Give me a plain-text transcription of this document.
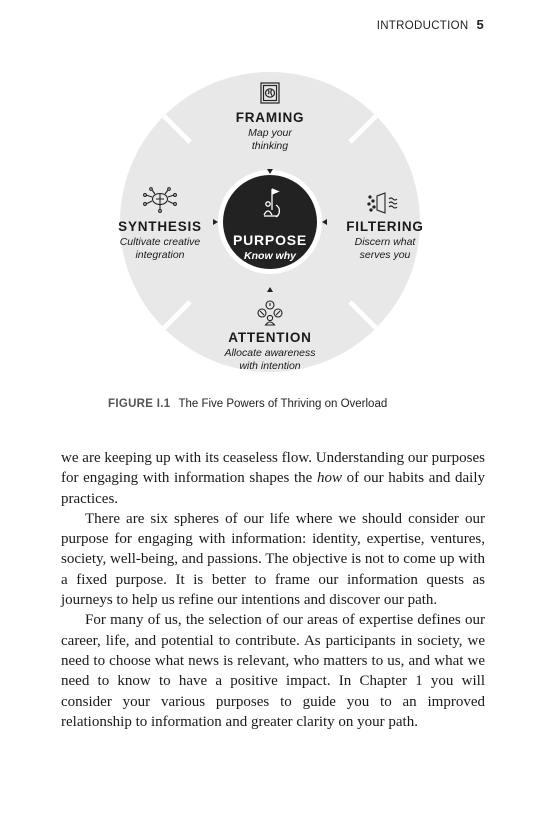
INTRODUCTION 5
FRAMING
Map your
thinking
SYNTHESIS
Cultivate creative
integration
FILTERING
Discern what
serves you
ATTENTION
Allocate awareness
with intention
PURPOSE
Know why
FIGURE I.1 The Five Powers of Thriving on Overload

we are keeping up with its ceaseless flow. Understanding our purposes for engaging with information shapes the how of our habits and daily practices.

There are six spheres of our life where we should consider our purpose for engaging with information: identity, expertise, ventures, society, well-being, and passions. The objective is not to come up with a fixed purpose. It is better to frame our information quests as journeys to help us refine our intentions and discover our path.

For many of us, the selection of our areas of expertise defines our career, life, and potential to contribute. As participants in society, we need to choose what news is relevant, who matters to us, and what we need to know to have a positive impact. In Chapter 1 you will consider your various purposes to guide you to an improved relationship to information and greater clarity on your path.
